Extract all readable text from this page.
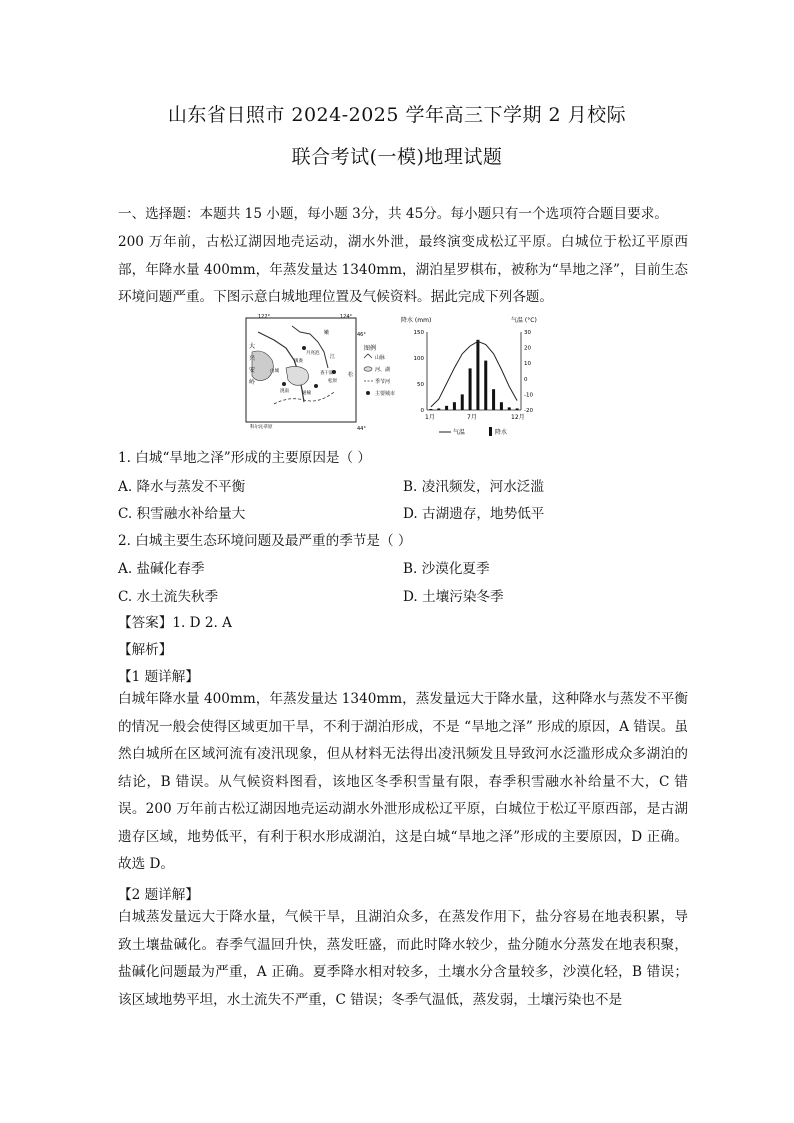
山东省日照市 2024-2025 学年高三下学期 2 月校际
联合考试(一模)地理试题
一、选择题：本题共 15 小题，每小题 3分，共 45分。每小题只有一个选项符合题目要求。
200 万年前，古松辽湖因地壳运动，湖水外泄，最终演变成松辽平原。白城位于松辽平原西部，年降水量 400mm，年蒸发量达 1340mm，湖泊星罗棋布，被称为“旱地之泽”，目前生态环境问题严重。下图示意白城地理位置及气候资料。据此完成下列各题。
122°	124°
46°
44°
大
兴
安
岭
月亮泡
嫩
江
松
白城	查干湖
科尔沁草原
镇赉
洮南	通榆
松原
图例
山脉
河、湖
季节河
主要城市
降水 (mm)	气温 (°C)
150
100
50
0
30
20
10
0
-10
-20
1月	7月	12月
气温	降水
1. 白城“旱地之泽”形成的主要原因是（ ）
A. 降水与蒸发不平衡	B. 凌汛频发，河水泛滥
C. 积雪融水补给量大	D. 古湖遗存，地势低平
2. 白城主要生态环境问题及最严重的季节是（ ）
A. 盐碱化春季	B. 沙漠化夏季
C. 水土流失秋季	D. 土壤污染冬季
【答案】1. D 2. A
【解析】
【1 题详解】
白城年降水量 400mm，年蒸发量达 1340mm，蒸发量远大于降水量，这种降水与蒸发不平衡的情况一般会使得区域更加干旱，不利于湖泊形成，不是 “旱地之泽” 形成的原因，A 错误。虽然白城所在区域河流有凌汛现象，但从材料无法得出凌汛频发且导致河水泛滥形成众多湖泊的结论，B 错误。从气候资料图看，该地区冬季积雪量有限，春季积雪融水补给量不大，C 错误。200 万年前古松辽湖因地壳运动湖水外泄形成松辽平原，白城位于松辽平原西部，是古湖遗存区域，地势低平，有利于积水形成湖泊，这是白城“旱地之泽”形成的主要原因，D 正确。故选 D。
【2 题详解】
白城蒸发量远大于降水量，气候干旱，且湖泊众多，在蒸发作用下，盐分容易在地表积累，导致土壤盐碱化。春季气温回升快，蒸发旺盛，而此时降水较少，盐分随水分蒸发在地表积聚，盐碱化问题最为严重，A 正确。夏季降水相对较多，土壤水分含量较多，沙漠化轻，B 错误；该区域地势平坦，水土流失不严重，C 错误；冬季气温低，蒸发弱，土壤污染也不是
